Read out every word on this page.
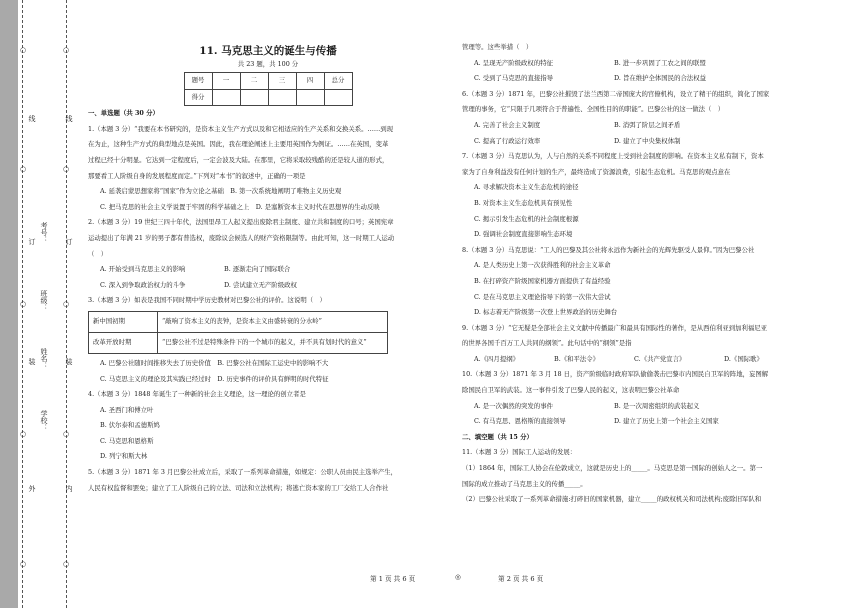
线
订
装
外
线
订
装
内
考号：
班级：
姓名：
学校：
○
○
○
○
○
○
○
○
○
○
11. 马克思主义的诞生与传播
共 23 题，共 100 分
题号	一	二	三	四	总分
得分					

一、单选题（共 30 分）

1.（本题 3 分）“我要在本书研究的，是资本主义生产方式以及和它相适应的生产关系和交换关系。……到现

在为止，这种生产方式的典型地点是英国。因此，我在理论阐述上主要用英国作为例证。……在英国，变革

过程已经十分明显。它达到一定程度后，一定会波及大陆。在那里，它将采取较残酷的还是较人道的形式，

那要看工人阶级自身的发展程度而定。”下列对“本书”的叙述中，正确的一项是

A. 延袭启蒙思想家将“国家”作为立论之基础　B. 第一次系统地阐明了唯物主义历史观

C. 把马克思的社会主义学说置于牢固的科学基础之上　D. 是塞断资本主义时代在思想界的生动反映

2.（本题 3 分）19 世纪三四十年代，法国里昂工人起义提出废除君主制度、建立共和制度的口号；英国宪章

运动提出了年满 21 岁的男子都有普选权，废除议会候选人的财产资格限制等。由此可知，这一时期工人运动

（　）

A. 开始受到马克思主义的影响	B. 逐渐走向了国际联合
C. 深入到争取政治权力的斗争	D. 尝试建立无产阶级政权

3.（本题 3 分）如表是我国不同时期中学历史教材对巴黎公社的评价。这说明（　）

新中国初期	“敲响了资本主义的丧钟，是资本主义由盛转衰的分水岭”
改革开放时期	“巴黎公社不过是特殊条件下的一个城市的起义，并不具有划时代的意义”

A. 巴黎公社随时间推移失去了历史价值　B. 巴黎公社在国际工运史中的影响不大

C. 马克思主义的理论及其实践已经过时　D. 历史事件的评价具有鲜明的时代特征

4.（本题 3 分）1848 年诞生了一种新的社会主义理论，这一理论的创立者是

A. 圣西门和傅立叶

B. 伏尔泰和孟德斯鸠

C. 马克思和恩格斯

D. 列宁和斯大林

5.（本题 3 分）1871 年 3 月巴黎公社成立后，采取了一系列革命措施，如规定：公职人员由民主选举产生，

人民有权监督和罢免；建立了工人阶级自己的立法、司法和立法机构；将逃亡资本家的工厂交给工人合作社

管理等。这些举措（　）

A. 呈现无产阶级政权的特征	B. 进一步巩固了工农之间的联盟
C. 受到了马克思的直接指导	D. 旨在维护全体国民的合法权益

6.（本题 3 分）1871 年，巴黎公社摧毁了法兰西第二帝国庞大的官僚机构，设立了精干的组织，简化了国家

管理的事务，它“只限于几项符合于普遍性、全国性目的的职能”。巴黎公社的这一做法（　）

A. 完善了社会主义制度	B. 消弭了阶层之间矛盾
C. 提高了行政运行效率	D. 建立了中央集权体制

7.（本题 3 分）马克思认为，人与自然的关系不同程度上受到社会制度的影响。在资本主义私有制下，资本

家为了自身利益没有任何计划的生产，最终造成了资源浪费，引起生态危机。马克思的观点意在

A. 寻求解决资本主义生态危机的途径

B. 对资本主义生态危机具有预见性

C. 揭示引发生态危机的社会制度根源

D. 强调社会制度直接影响生态环境

8.（本题 3 分）马克思说：“工人的巴黎及其公社将永远作为新社会的光辉先驱受人景仰。”因为巴黎公社

A. 是人类历史上第一次获得胜利的社会主义革命

B. 在打碎资产阶级国家机器方面提供了有益经验

C. 是在马克思主义理论指导下的第一次伟大尝试

D. 标志着无产阶级第一次登上世界政治的历史舞台

9.（本题 3 分）“它无疑是全部社会主义文献中传播最广和最具有国际性的著作，是从西伯利亚到加利福尼亚

的世界各国千百万工人共同的纲领”。此句话中的“纲领”是指

A.《四月提纲》	B.《和平法令》	C.《共产党宣言》	D.《国际歌》

10.（本题 3 分）1871 年 3 月 18 日，资产阶级临时政府军队偷偷袭击巴黎市内国民自卫军的阵地，妄图解

除国民自卫军的武装。这一事件引发了巴黎人民的起义，这表明巴黎公社革命

A. 是一次偶然的突发的事件	B. 是一次周密组织的武装起义
C. 有马克思、恩格斯的直接领导	D. 建立了历史上第一个社会主义国家

二、填空题（共 15 分）

11.（本题 3 分）国际工人运动的发展：

（1）1864 年，国际工人协会在伦敦成立，这就是历史上的_____。马克思是第一国际的创始人之一。第一

国际的成立推动了马克思主义的传播_____。

（2）巴黎公社采取了一系列革命措施:打碎旧的国家机器，建立_____的政权机关和司法机构;废除旧军队和

第 1 页 共 6 页	◎	第 2 页 共 6 页
